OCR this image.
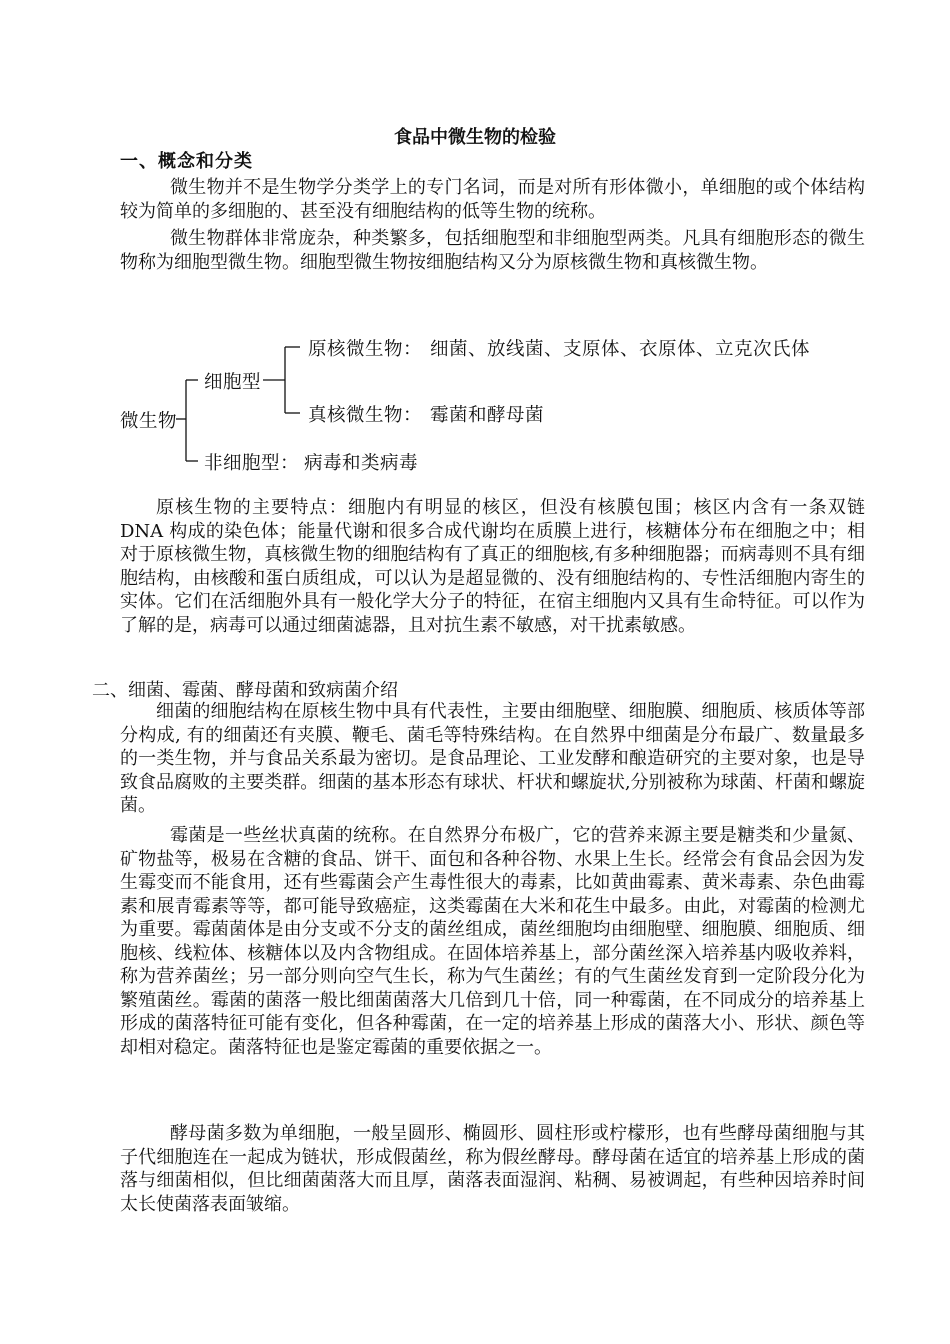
食品中微生物的检验
一、概念和分类
微生物并不是生物学分类学上的专门名词，而是对所有形体微小，单细胞的或个体结构较为简单的多细胞的、甚至没有细胞结构的低等生物的统称。
微生物群体非常庞杂，种类繁多，包括细胞型和非细胞型两类。凡具有细胞形态的微生物称为细胞型微生物。细胞型微生物按细胞结构又分为原核微生物和真核微生物。
微生物
细胞型
原核微生物： 细菌、放线菌、支原体、衣原体、立克次氏体
真核微生物： 霉菌和酵母菌
非细胞型： 病毒和类病毒
原核生物的主要特点：细胞内有明显的核区，但没有核膜包围；核区内含有一条双链 DNA 构成的染色体；能量代谢和很多合成代谢均在质膜上进行，核糖体分布在细胞之中；相对于原核微生物，真核微生物的细胞结构有了真正的细胞核,有多种细胞器；而病毒则不具有细胞结构，由核酸和蛋白质组成，可以认为是超显微的、没有细胞结构的、专性活细胞内寄生的实体。它们在活细胞外具有一般化学大分子的特征，在宿主细胞内又具有生命特征。可以作为了解的是，病毒可以通过细菌滤器，且对抗生素不敏感，对干扰素敏感。
二、细菌、霉菌、酵母菌和致病菌介绍
细菌的细胞结构在原核生物中具有代表性，主要由细胞壁、细胞膜、细胞质、核质体等部分构成, 有的细菌还有夹膜、鞭毛、菌毛等特殊结构。在自然界中细菌是分布最广、数量最多的一类生物，并与食品关系最为密切。是食品理论、工业发酵和酿造研究的主要对象，也是导致食品腐败的主要类群。细菌的基本形态有球状、杆状和螺旋状,分别被称为球菌、杆菌和螺旋菌。
霉菌是一些丝状真菌的统称。在自然界分布极广，它的营养来源主要是糖类和少量氮、矿物盐等，极易在含糖的食品、饼干、面包和各种谷物、水果上生长。经常会有食品会因为发生霉变而不能食用，还有些霉菌会产生毒性很大的毒素，比如黄曲霉素、黄米毒素、杂色曲霉素和展青霉素等等，都可能导致癌症，这类霉菌在大米和花生中最多。由此，对霉菌的检测尤为重要。霉菌菌体是由分支或不分支的菌丝组成，菌丝细胞均由细胞壁、细胞膜、细胞质、细胞核、线粒体、核糖体以及内含物组成。在固体培养基上，部分菌丝深入培养基内吸收养料，称为营养菌丝；另一部分则向空气生长，称为气生菌丝；有的气生菌丝发育到一定阶段分化为繁殖菌丝。霉菌的菌落一般比细菌菌落大几倍到几十倍，同一种霉菌，在不同成分的培养基上形成的菌落特征可能有变化，但各种霉菌，在一定的培养基上形成的菌落大小、形状、颜色等却相对稳定。菌落特征也是鉴定霉菌的重要依据之一。
酵母菌多数为单细胞，一般呈圆形、椭圆形、圆柱形或柠檬形，也有些酵母菌细胞与其子代细胞连在一起成为链状，形成假菌丝，称为假丝酵母。酵母菌在适宜的培养基上形成的菌落与细菌相似，但比细菌菌落大而且厚，菌落表面湿润、粘稠、易被调起，有些种因培养时间太长使菌落表面皱缩。
